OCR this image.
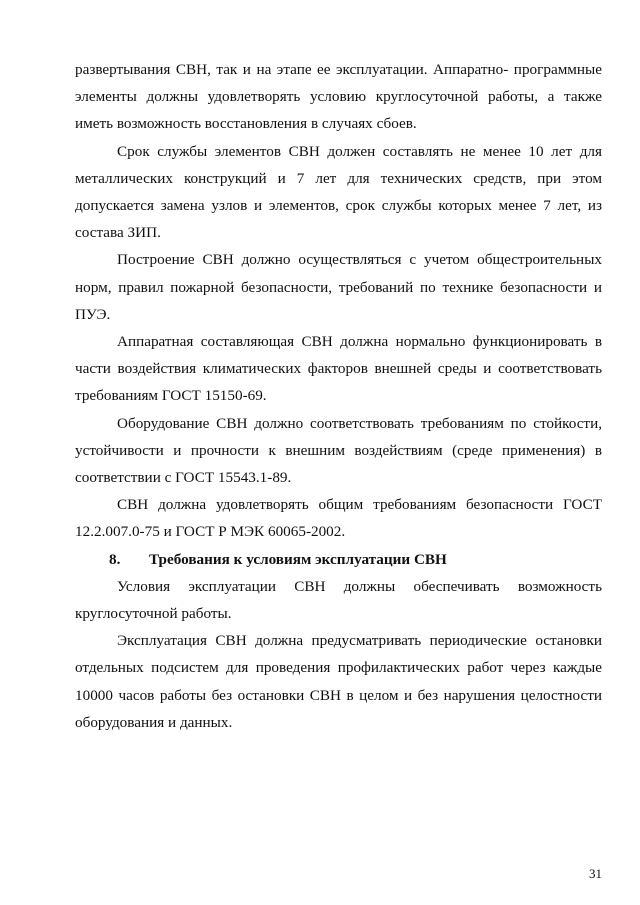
развертывания СВН, так и на этапе ее эксплуатации. Аппаратно- программные элементы должны удовлетворять условию круглосуточной работы, а также иметь возможность восстановления в случаях сбоев.

Срок службы элементов СВН должен составлять не менее 10 лет для металлических конструкций и 7 лет для технических средств, при этом допускается замена узлов и элементов, срок службы которых менее 7 лет, из состава ЗИП.

Построение СВН должно осуществляться с учетом общестроительных норм, правил пожарной безопасности, требований по технике безопасности и ПУЭ.

Аппаратная составляющая СВН должна нормально функционировать в части воздействия климатических факторов внешней среды и соответствовать требованиям ГОСТ 15150-69.

Оборудование СВН должно соответствовать требованиям по стойкости, устойчивости и прочности к внешним воздействиям (среде применения) в соответствии с ГОСТ 15543.1-89.

СВН должна удовлетворять общим требованиям безопасности ГОСТ 12.2.007.0-75 и ГОСТ Р МЭК 60065-2002.

8. Требования к условиям эксплуатации СВН

Условия эксплуатации СВН должны обеспечивать возможность круглосуточной работы.

Эксплуатация СВН должна предусматривать периодические остановки отдельных подсистем для проведения профилактических работ через каждые 10000 часов работы без остановки СВН в целом и без нарушения целостности оборудования и данных.

31
